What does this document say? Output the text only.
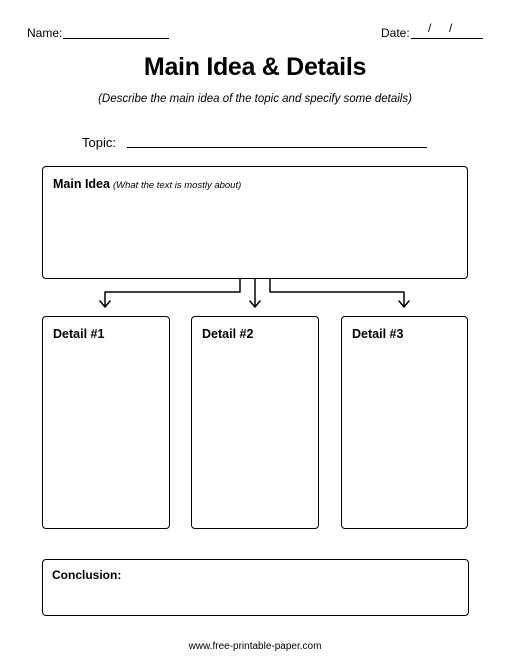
Name:	Date: / /
Main Idea & Details
(Describe the main idea of the topic and specify some details)
Topic:
Main Idea (What the text is mostly about)
Detail #1	Detail #2	Detail #3
Conclusion:
www.free-printable-paper.com
